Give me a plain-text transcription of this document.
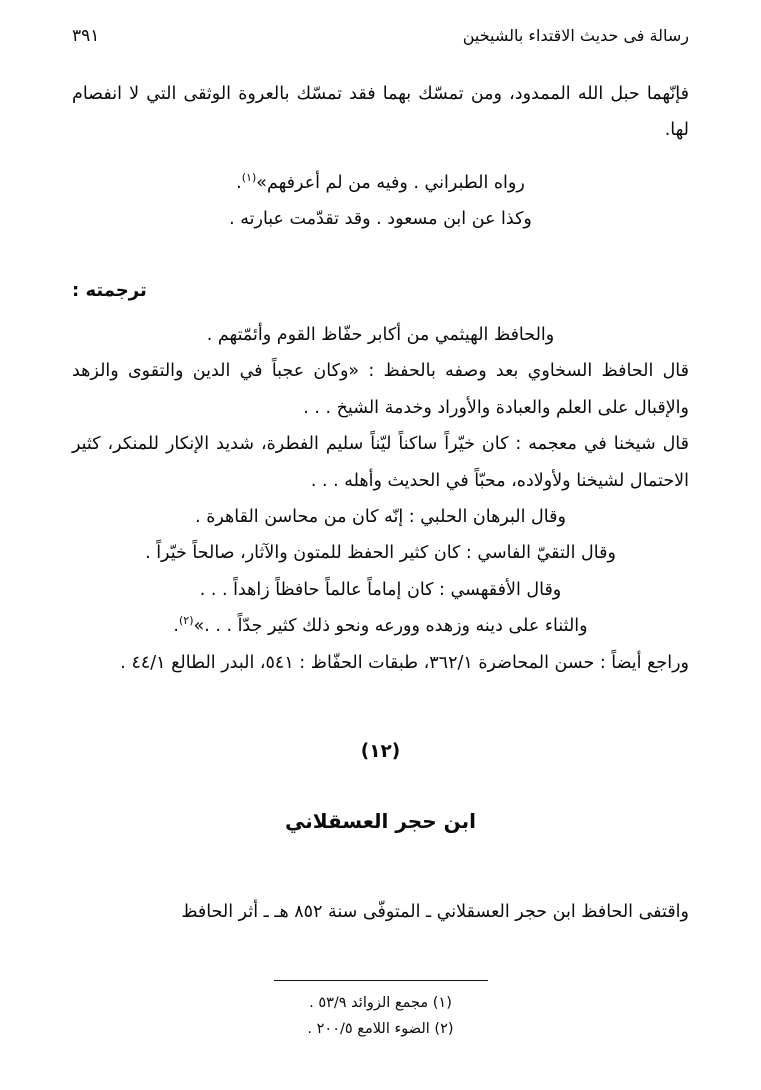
٣٩١	رسالة فى حديث الاقتداء بالشيخين

فإنّهما حبل الله الممدود، ومن تمسّك بهما فقد تمسّك بالعروة الوثقى التي لا انفصام لها.

رواه الطبراني . وفيه من لم أعرفهم»$^{(١)}$.

وكذا عن ابن مسعود . وقد تقدّمت عبارته .

ترجمته :

والحافظ الهيثمي من أكابر حفّاظ القوم وأئمّتهم .

قال الحافظ السخاوي بعد وصفه بالحفظ : «وكان عجباً في الدين والتقوى والزهد والإقبال على العلم والعبادة والأوراد وخدمة الشيخ . . .

قال شيخنا في معجمه : كان خيّراً ساكناً ليّناً سليم الفطرة، شديد الإنكار للمنكر، كثير الاحتمال لشيخنا ولأولاده، محبّاً في الحديث وأهله . . .

وقال البرهان الحلبي : إنّه كان من محاسن القاهرة .

وقال التقيّ الفاسي : كان كثير الحفظ للمتون والآثار، صالحاً خيّراً .

وقال الأفقهسي : كان إماماً عالماً حافظاً زاهداً . . .

والثناء على دينه وزهده وورعه ونحو ذلك كثير جدّاً . . .»$^{(٢)}$.

وراجع أيضاً : حسن المحاضرة ٣٦٢/١، طبقات الحفّاظ : ٥٤١، البدر الطالع ٤٤/١ .

(١٢)
ابن حجر العسقلاني

واقتفى الحافظ ابن حجر العسقلاني ـ المتوفّى سنة ٨٥٢ هـ ـ أثر الحافظ

(١) مجمع الزوائد ٥٣/٩ .
(٢) الضوء اللامع ٢٠٠/٥ .
